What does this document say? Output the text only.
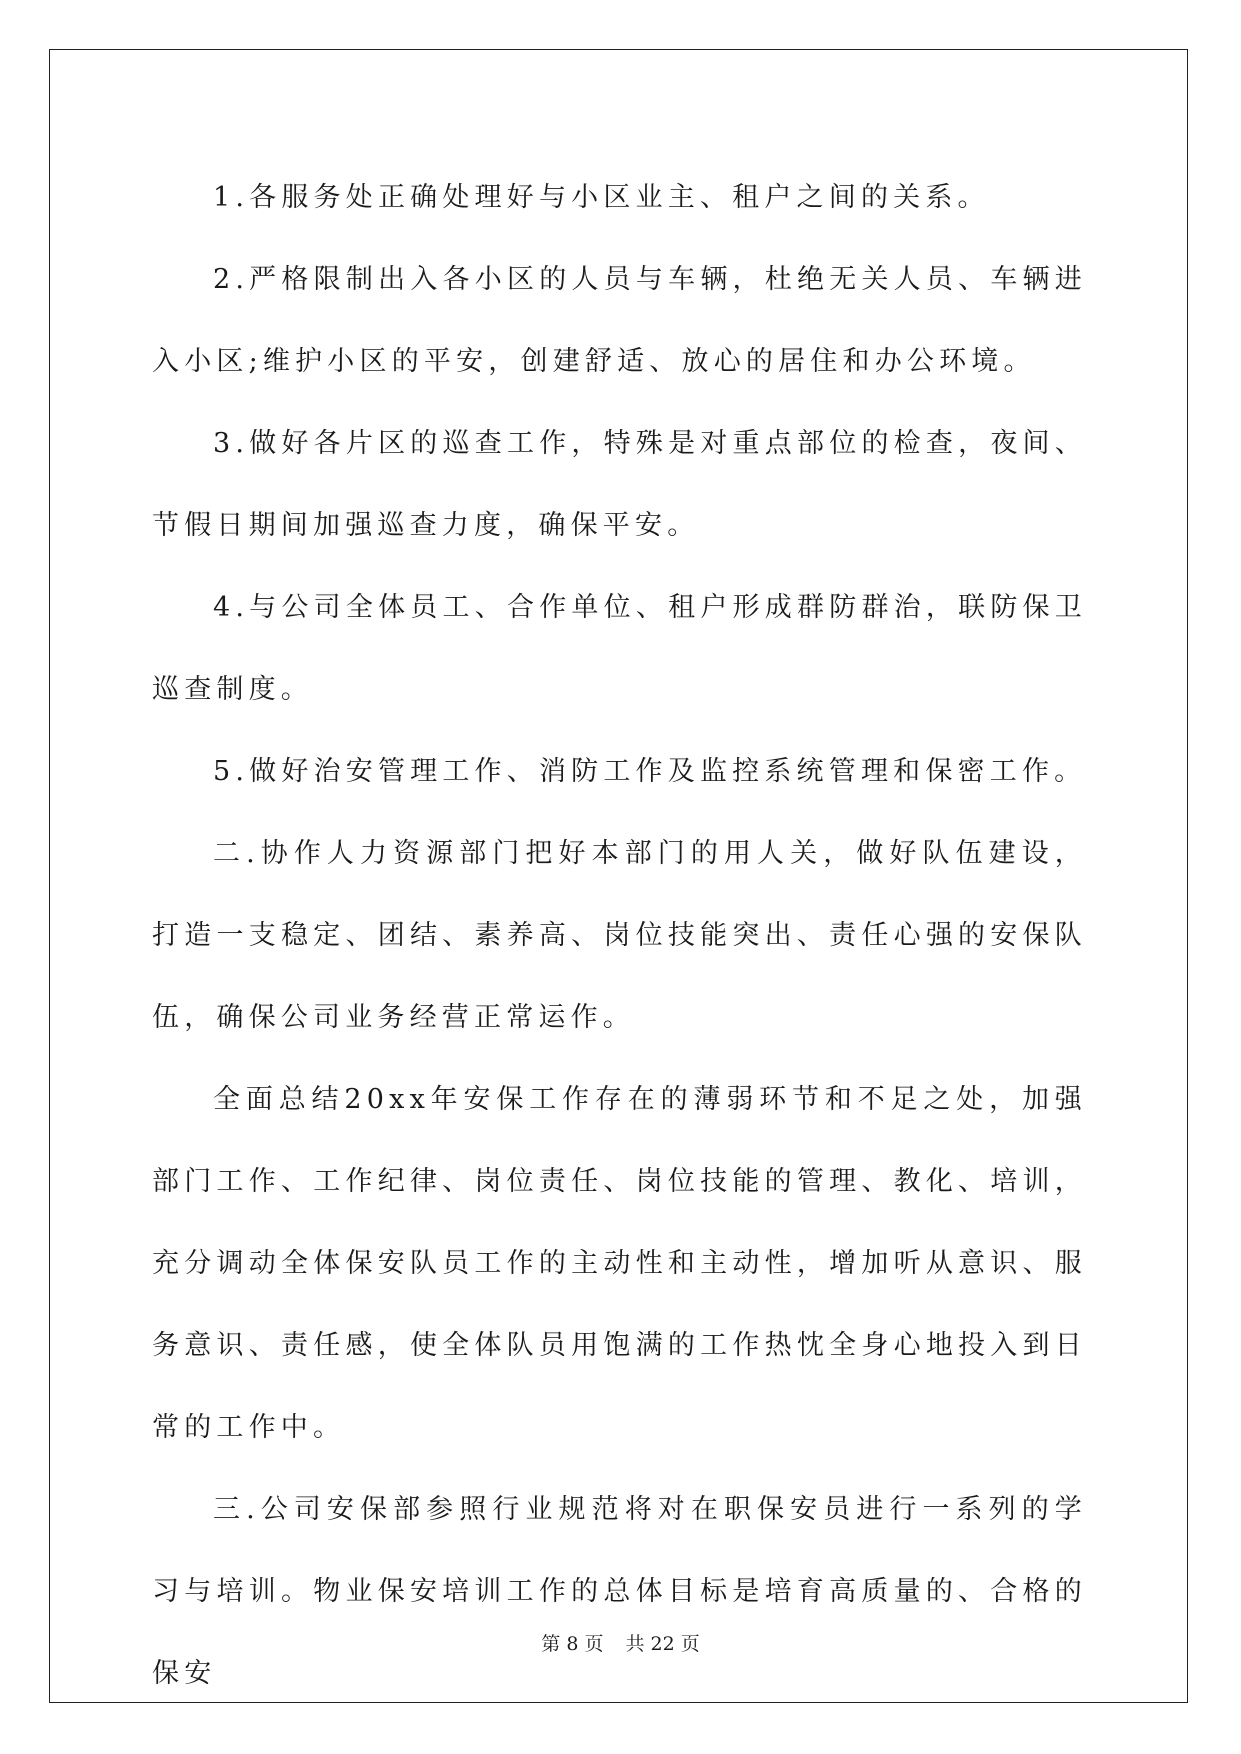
1.各服务处正确处理好与小区业主、租户之间的关系。

2.严格限制出入各小区的人员与车辆，杜绝无关人员、车辆进入小区;维护小区的平安，创建舒适、放心的居住和办公环境。

3.做好各片区的巡查工作，特殊是对重点部位的检查，夜间、节假日期间加强巡查力度，确保平安。

4.与公司全体员工、合作单位、租户形成群防群治，联防保卫巡查制度。

5.做好治安管理工作、消防工作及监控系统管理和保密工作。

二.协作人力资源部门把好本部门的用人关，做好队伍建设，打造一支稳定、团结、素养高、岗位技能突出、责任心强的安保队伍，确保公司业务经营正常运作。

全面总结20xx年安保工作存在的薄弱环节和不足之处，加强部门工作、工作纪律、岗位责任、岗位技能的管理、教化、培训，充分调动全体保安队员工作的主动性和主动性，增加听从意识、服务意识、责任感，使全体队员用饱满的工作热忱全身心地投入到日常的工作中。

三.公司安保部参照行业规范将对在职保安员进行一系列的学习与培训。物业保安培训工作的总体目标是培育高质量的、合格的保安

第 8 页 共 22 页
